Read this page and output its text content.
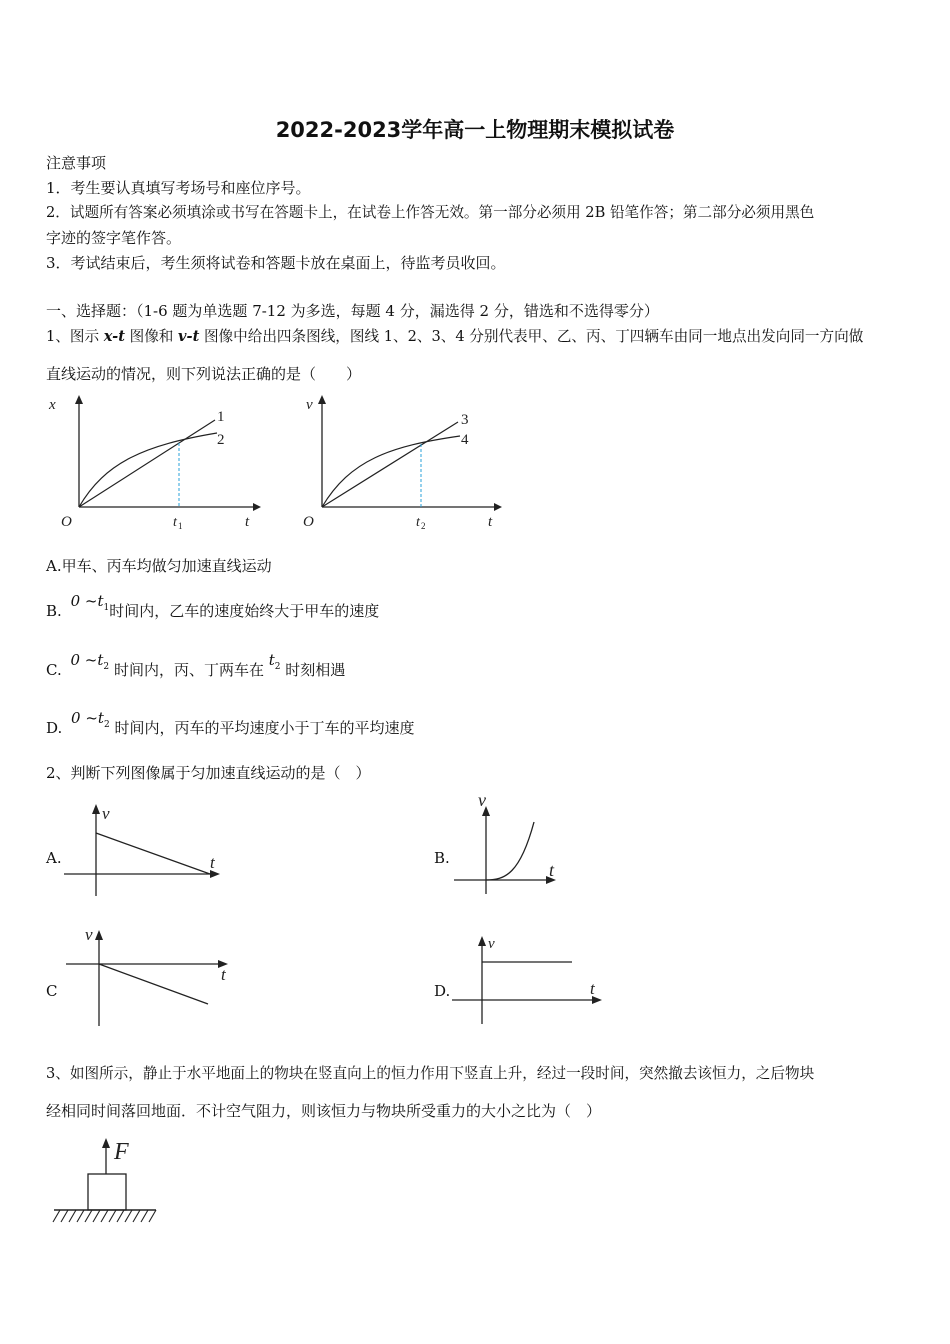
2022-2023学年高一上物理期末模拟试卷
注意事项
1．考生要认真填写考场号和座位序号。
2．试题所有答案必须填涂或书写在答题卡上，在试卷上作答无效。第一部分必须用 2B 铅笔作答；第二部分必须用黑色
字迹的签字笔作答。
3．考试结束后，考生须将试卷和答题卡放在桌面上，待监考员收回。
一、选择题：（1-6 题为单选题 7-12 为多选，每题 4 分，漏选得 2 分，错选和不选得零分）
1、图示 x-t 图像和 v-t 图像中给出四条图线，图线 1、2、3、4 分别代表甲、乙、丙、丁四辆车由同一地点出发向同一方向做
直线运动的情况，则下列说法正确的是（　　）
x
t
O	t 1
1
2
v
t
O	t 2
3
4
A.甲车、丙车均做匀加速直线运动
B. 0 $\sim t^1$时间内，乙车的速度始终大于甲车的速度
C. 0 $\sim t^2$ 时间内，丙、丁两车在 $t^2$ 时刻相遇
D. 0 $\sim t^2$ 时间内，丙车的平均速度小于丁车的平均速度
2、判断下列图像属于匀加速直线运动的是（　）
A.
v
t	B.
v
t
C
v
t
D.
v
t
3、如图所示，静止于水平地面上的物块在竖直向上的恒力作用下竖直上升，经过一段时间，突然撤去该恒力，之后物块
经相同时间落回地面．不计空气阻力，则该恒力与物块所受重力的大小之比为（　）
F
